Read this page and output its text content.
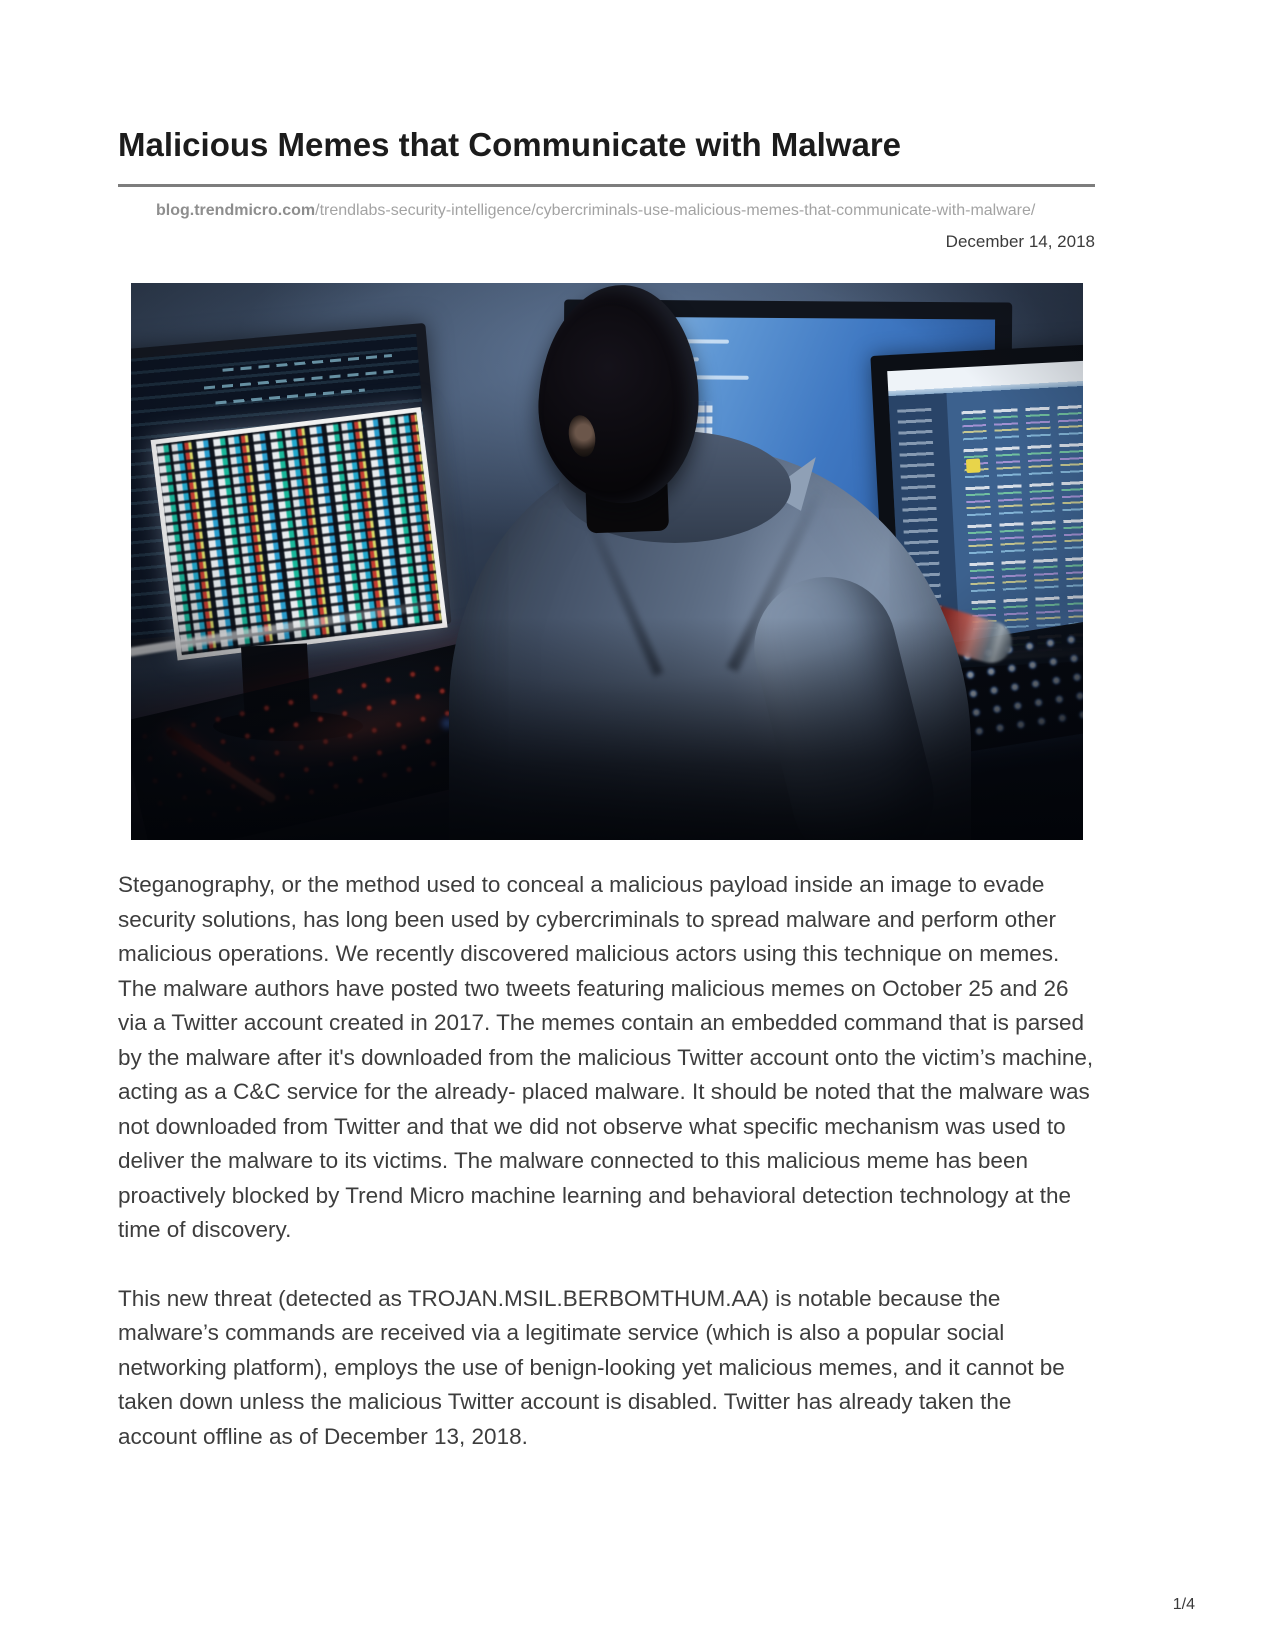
Malicious Memes that Communicate with Malware

blog.trendmicro.com/trendlabs-security-intelligence/cybercriminals-use-malicious-memes-that-communicate-with-malware/

December 14, 2018

Steganography, or the method used to conceal a malicious payload inside an image to evade security solutions, has long been used by cybercriminals to spread malware and perform other malicious operations. We recently discovered malicious actors using this technique on memes. The malware authors have posted two tweets featuring malicious memes on October 25 and 26 via a Twitter account created in 2017. The memes contain an embedded command that is parsed by the malware after it's downloaded from the malicious Twitter account onto the victim’s machine, acting as a C&C service for the already- placed malware. It should be noted that the malware was not downloaded from Twitter and that we did not observe what specific mechanism was used to deliver the malware to its victims. The malware connected to this malicious meme has been proactively blocked by Trend Micro machine learning and behavioral detection technology at the time of discovery.

This new threat (detected as TROJAN.MSIL.BERBOMTHUM.AA) is notable because the malware’s commands are received via a legitimate service (which is also a popular social networking platform), employs the use of benign-looking yet malicious memes, and it cannot be taken down unless the malicious Twitter account is disabled. Twitter has already taken the account offline as of December 13, 2018.

1/4
